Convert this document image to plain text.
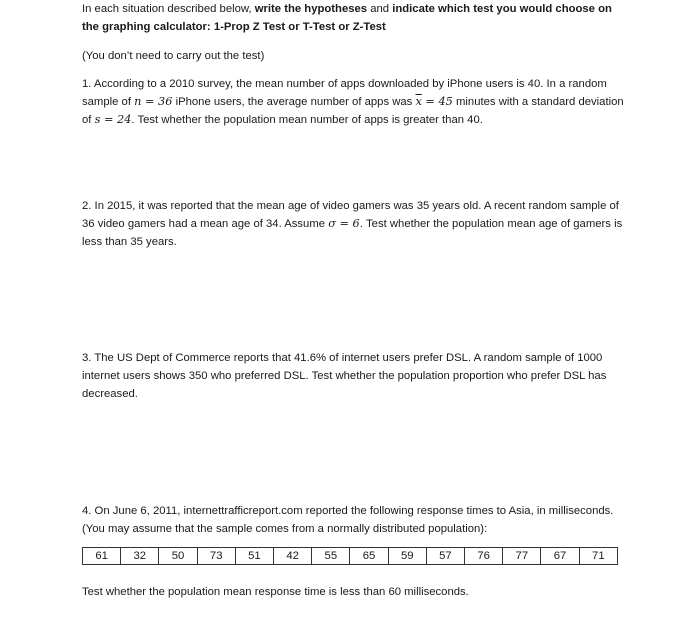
In each situation described below, write the hypotheses and indicate which test you would choose on the graphing calculator: 1-Prop Z Test or T-Test or Z-Test
(You don’t need to carry out the test)
1. According to a 2010 survey, the mean number of apps downloaded by iPhone users is 40. In a random sample of n = 36 iPhone users, the average number of apps was $\overline{x} = 45$ minutes with a standard deviation of s = 24. Test whether the population mean number of apps is greater than 40.
2. In 2015, it was reported that the mean age of video gamers was 35 years old. A recent random sample of 36 video gamers had a mean age of 34. Assume σ = 6. Test whether the population mean age of gamers is less than 35 years.
3. The US Dept of Commerce reports that 41.6% of internet users prefer DSL. A random sample of 1000 internet users shows 350 who preferred DSL. Test whether the population proportion who prefer DSL has decreased.
4. On June 6, 2011, internettrafficreport.com reported the following response times to Asia, in milliseconds. (You may assume that the sample comes from a normally distributed population):
61	32	50	73	51	42	55	65	59	57	76	77	67	71
Test whether the population mean response time is less than 60 milliseconds.
